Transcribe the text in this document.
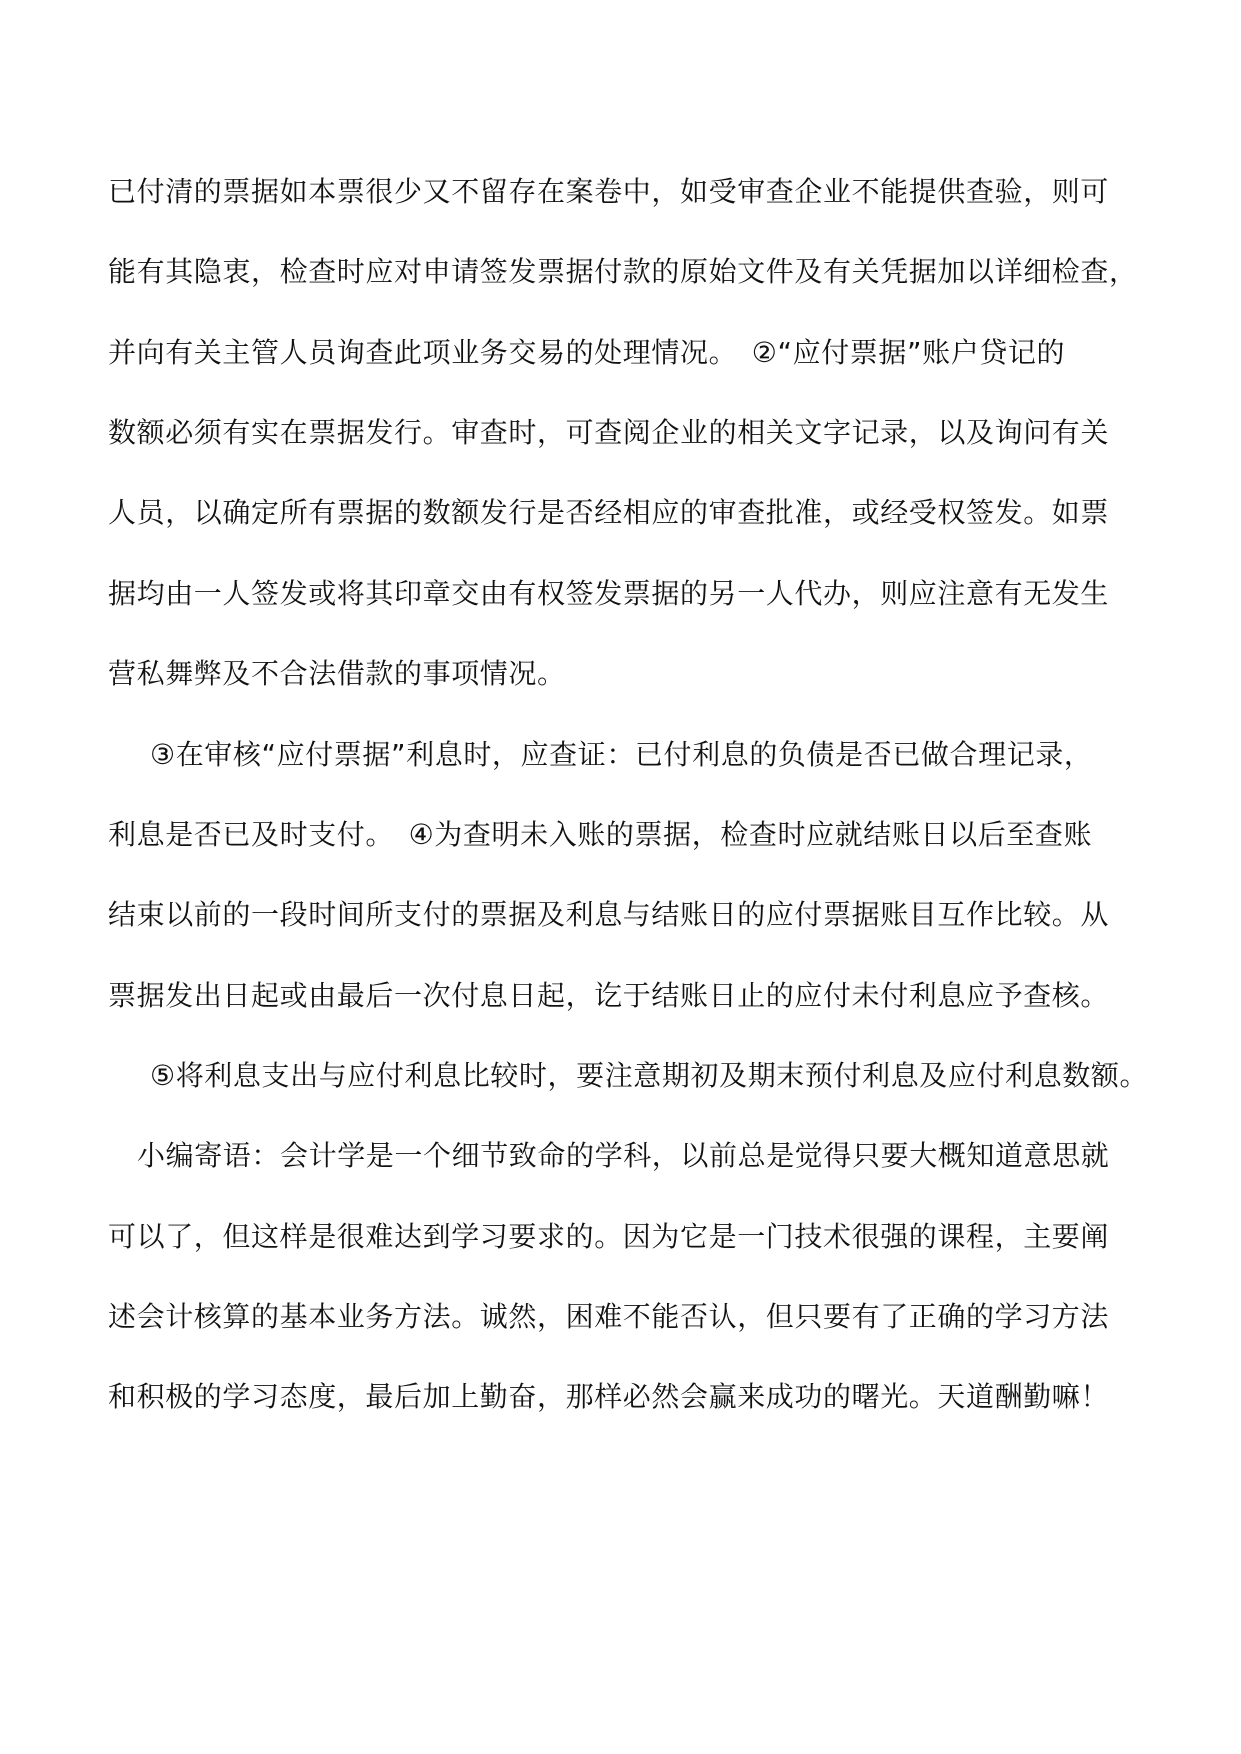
已付清的票据如本票很少又不留存在案卷中，如受审查企业不能提供查验，则可
能有其隐衷，检查时应对申请签发票据付款的原始文件及有关凭据加以详细检查，
并向有关主管人员询查此项业务交易的处理情况。　②“应付票据”账户贷记的
数额必须有实在票据发行。审查时，可查阅企业的相关文字记录，以及询问有关
人员，以确定所有票据的数额发行是否经相应的审查批准，或经受权签发。如票
据均由一人签发或将其印章交由有权签发票据的另一人代办，则应注意有无发生
营私舞弊及不合法借款的事项情况。
③在审核“应付票据”利息时，应查证：已付利息的负债是否已做合理记录，
利息是否已及时支付。　④为查明未入账的票据，检查时应就结账日以后至查账
结束以前的一段时间所支付的票据及利息与结账日的应付票据账目互作比较。从
票据发出日起或由最后一次付息日起，讫于结账日止的应付未付利息应予查核。
⑤将利息支出与应付利息比较时，要注意期初及期末预付利息及应付利息数额。
小编寄语：会计学是一个细节致命的学科，以前总是觉得只要大概知道意思就
可以了，但这样是很难达到学习要求的。因为它是一门技术很强的课程，主要阐
述会计核算的基本业务方法。诚然，困难不能否认，但只要有了正确的学习方法
和积极的学习态度，最后加上勤奋，那样必然会赢来成功的曙光。天道酬勤嘛！
